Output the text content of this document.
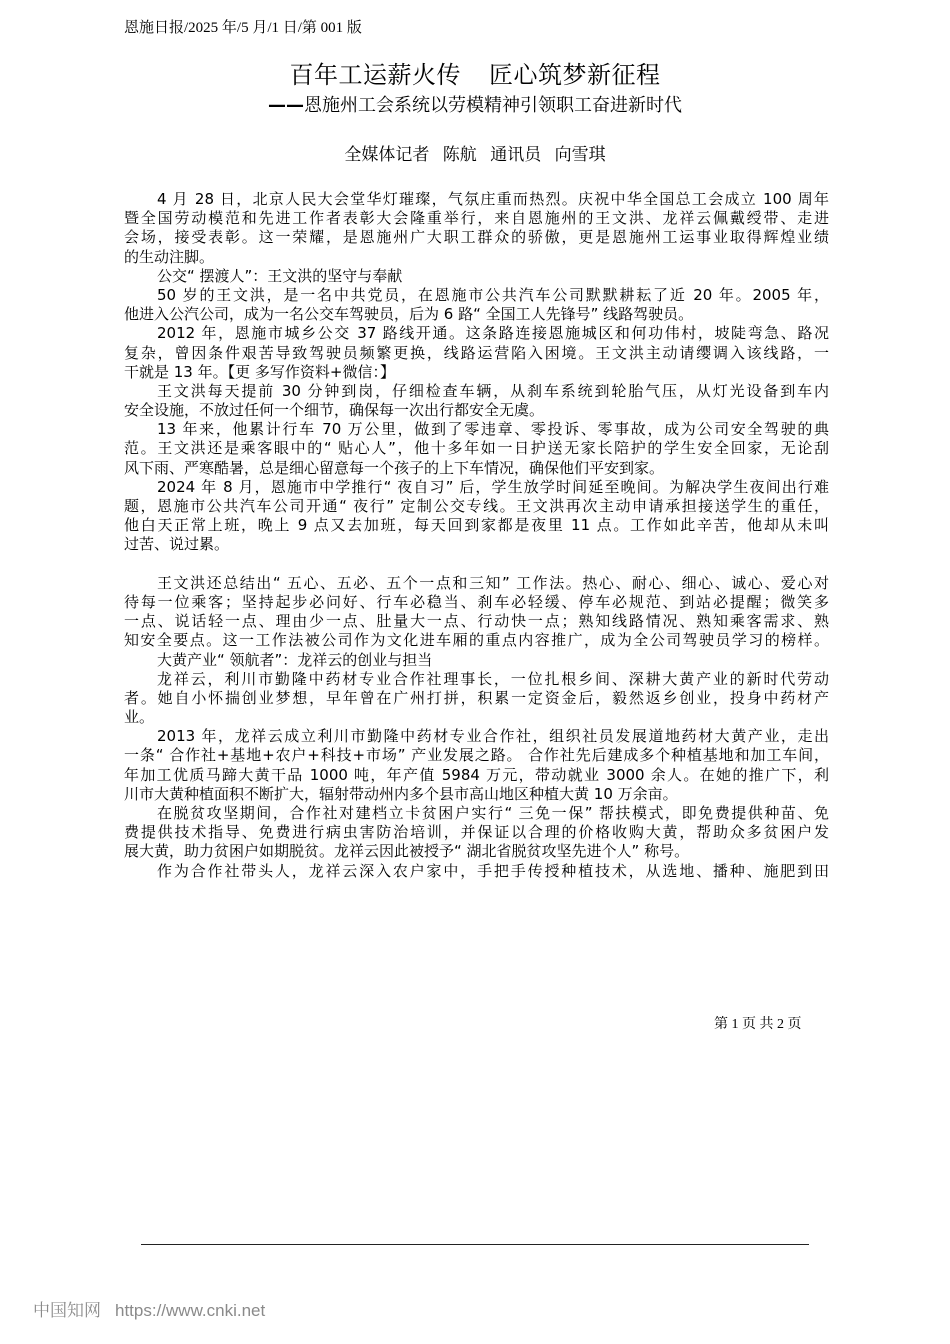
恩施日报/2025 年/5 月/1 日/第 001 版
百年工运薪火传 匠心筑梦新征程
——恩施州工会系统以劳模精神引领职工奋进新时代
全媒体记者 陈航 通讯员 向雪琪
4 月 28 日，北京人民大会堂华灯璀璨，气氛庄重而热烈。庆祝中华全国总工会成立 100 周年
暨全国劳动模范和先进工作者表彰大会隆重举行，来自恩施州的王文洪、龙祥云佩戴绶带、走进
会场，接受表彰。这一荣耀，是恩施州广大职工群众的骄傲，更是恩施州工运事业取得辉煌业绩
的生动注脚。
公交“ 摆渡人”：王文洪的坚守与奉献
50 岁的王文洪，是一名中共党员，在恩施市公共汽车公司默默耕耘了近 20 年。2005 年，
他进入公汽公司，成为一名公交车驾驶员，后为 6 路“ 全国工人先锋号” 线路驾驶员。
2012 年，恩施市城乡公交 37 路线开通。这条路连接恩施城区和何功伟村，坡陡弯急、路况
复杂，曾因条件艰苦导致驾驶员频繁更换，线路运营陷入困境。王文洪主动请缨调入该线路，一
干就是 13 年。【更 多写作资料+微信：】
王文洪每天提前 30 分钟到岗，仔细检查车辆，从刹车系统到轮胎气压，从灯光设备到车内
安全设施，不放过任何一个细节，确保每一次出行都安全无虞。
13 年来，他累计行车 70 万公里，做到了零违章、零投诉、零事故，成为公司安全驾驶的典
范。王文洪还是乘客眼中的“ 贴心人”，他十多年如一日护送无家长陪护的学生安全回家，无论刮
风下雨、严寒酷暑，总是细心留意每一个孩子的上下车情况，确保他们平安到家。
2024 年 8 月，恩施市中学推行“ 夜自习” 后，学生放学时间延至晚间。为解决学生夜间出行难
题，恩施市公共汽车公司开通“ 夜行” 定制公交专线。王文洪再次主动申请承担接送学生的重任，
他白天正常上班，晚上 9 点又去加班，每天回到家都是夜里 11 点。工作如此辛苦，他却从未叫
过苦、说过累。
王文洪还总结出“ 五心、五必、五个一点和三知” 工作法。热心、耐心、细心、诚心、爱心对
待每一位乘客；坚持起步必问好、行车必稳当、刹车必轻缓、停车必规范、到站必提醒；微笑多
一点、说话轻一点、理由少一点、肚量大一点、行动快一点；熟知线路情况、熟知乘客需求、熟
知安全要点。这一工作法被公司作为文化进车厢的重点内容推广，成为全公司驾驶员学习的榜样。
大黄产业“ 领航者”：龙祥云的创业与担当
龙祥云，利川市勤隆中药材专业合作社理事长，一位扎根乡间、深耕大黄产业的新时代劳动
者。她自小怀揣创业梦想，早年曾在广州打拼，积累一定资金后，毅然返乡创业，投身中药材产
业。
2013 年，龙祥云成立利川市勤隆中药材专业合作社，组织社员发展道地药材大黄产业，走出
一条“ 合作社+基地+农户+科技+市场” 产业发展之路。 合作社先后建成多个种植基地和加工车间，
年加工优质马蹄大黄干品 1000 吨，年产值 5984 万元，带动就业 3000 余人。在她的推广下，利
川市大黄种植面积不断扩大，辐射带动州内多个县市高山地区种植大黄 10 万余亩。
在脱贫攻坚期间，合作社对建档立卡贫困户实行“ 三免一保” 帮扶模式，即免费提供种苗、免
费提供技术指导、免费进行病虫害防治培训，并保证以合理的价格收购大黄，帮助众多贫困户发
展大黄，助力贫困户如期脱贫。龙祥云因此被授予“ 湖北省脱贫攻坚先进个人” 称号。
作为合作社带头人，龙祥云深入农户家中，手把手传授种植技术，从选地、播种、施肥到田
第 1 页 共 2 页
中国知网 https://www.cnki.net
